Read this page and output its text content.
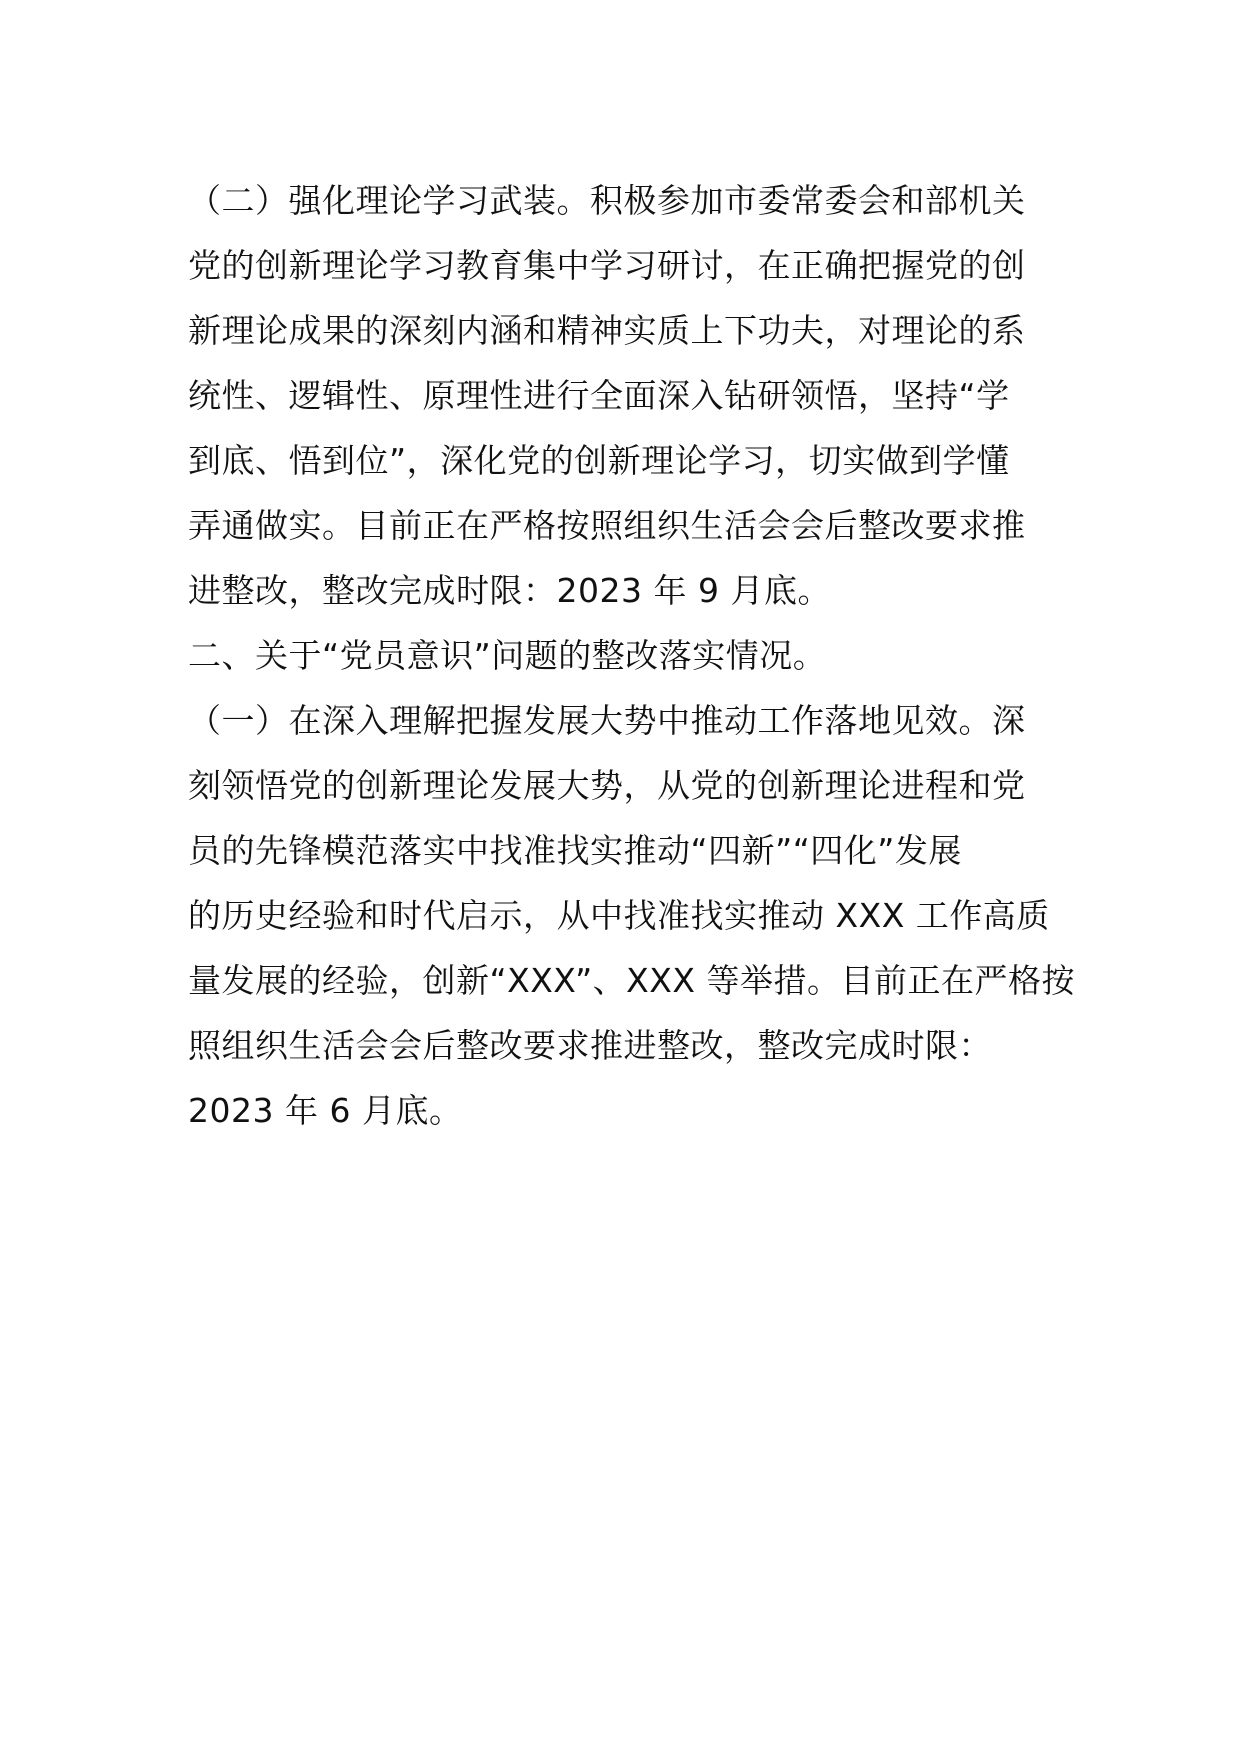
（二）强化理论学习武装。积极参加市委常委会和部机关
党的创新理论学习教育集中学习研讨，在正确把握党的创
新理论成果的深刻内涵和精神实质上下功夫，对理论的系
统性、逻辑性、原理性进行全面深入钻研领悟，坚持“学
到底、悟到位”，深化党的创新理论学习，切实做到学懂
弄通做实。目前正在严格按照组织生活会会后整改要求推
进整改，整改完成时限：2023 年 9 月底。
二、关于“党员意识”问题的整改落实情况。
（一）在深入理解把握发展大势中推动工作落地见效。深
刻领悟党的创新理论发展大势，从党的创新理论进程和党
员的先锋模范落实中找准找实推动“四新”“四化”发展
的历史经验和时代启示，从中找准找实推动 XXX 工作高质
量发展的经验，创新“XXX”、XXX 等举措。目前正在严格按
照组织生活会会后整改要求推进整改，整改完成时限：
2023 年 6 月底。
